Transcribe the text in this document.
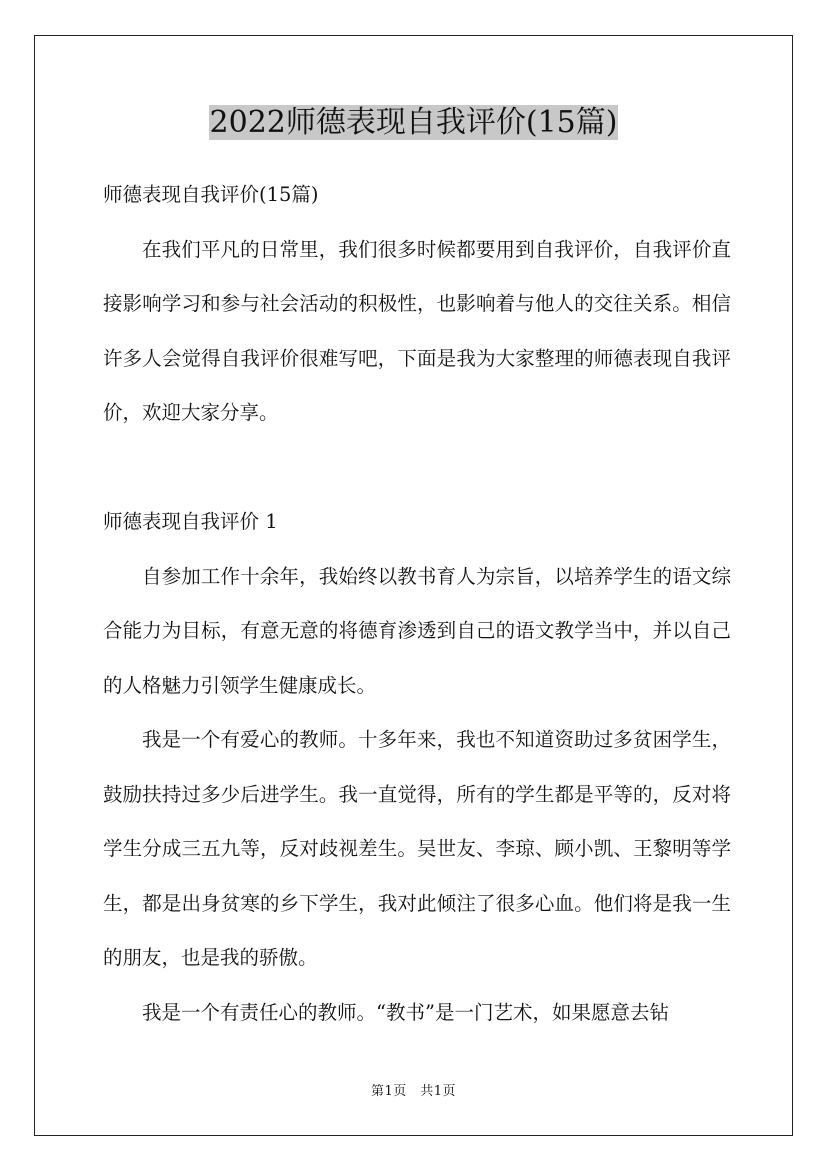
2022师德表现自我评价(15篇)

师德表现自我评价(15篇)

在我们平凡的日常里，我们很多时候都要用到自我评价，自我评价直接影响学习和参与社会活动的积极性，也影响着与他人的交往关系。相信许多人会觉得自我评价很难写吧，下面是我为大家整理的师德表现自我评价，欢迎大家分享。

师德表现自我评价 1

自参加工作十余年，我始终以教书育人为宗旨，以培养学生的语文综合能力为目标，有意无意的将德育渗透到自己的语文教学当中，并以自己的人格魅力引领学生健康成长。

我是一个有爱心的教师。十多年来，我也不知道资助过多贫困学生，鼓励扶持过多少后进学生。我一直觉得，所有的学生都是平等的，反对将学生分成三五九等，反对歧视差生。吴世友、李琼、顾小凯、王黎明等学生，都是出身贫寒的乡下学生，我对此倾注了很多心血。他们将是我一生的朋友，也是我的骄傲。

我是一个有责任心的教师。“教书”是一门艺术，如果愿意去钻

第1页　共1页
